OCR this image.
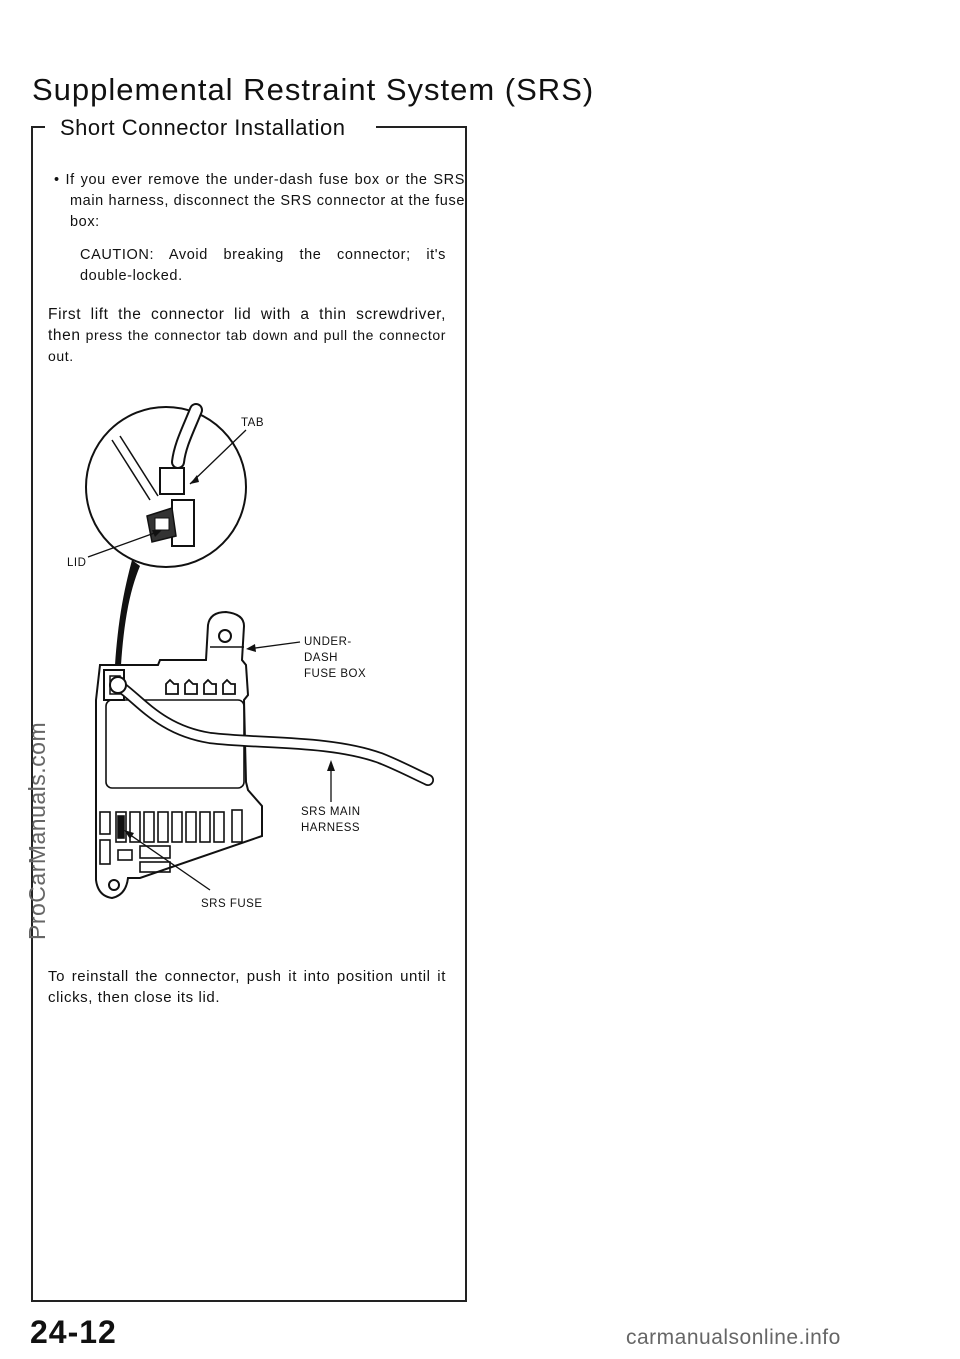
Supplemental Restraint System (SRS)
Short Connector Installation
• If you ever remove the under-dash fuse box or the SRS main harness, disconnect the SRS connector at the fuse box:
CAUTION: Avoid breaking the connector; it's double-locked.
First lift the connector lid with a thin screwdriver, then press the connector tab down and pull the connector out.
TAB
LID
UNDER-
DASH
FUSE BOX
SRS MAIN
HARNESS
SRS FUSE
To reinstall the connector, push it into position until it clicks, then close its lid.
24-12
ProCarManuals.com
carmanualsonline.info
